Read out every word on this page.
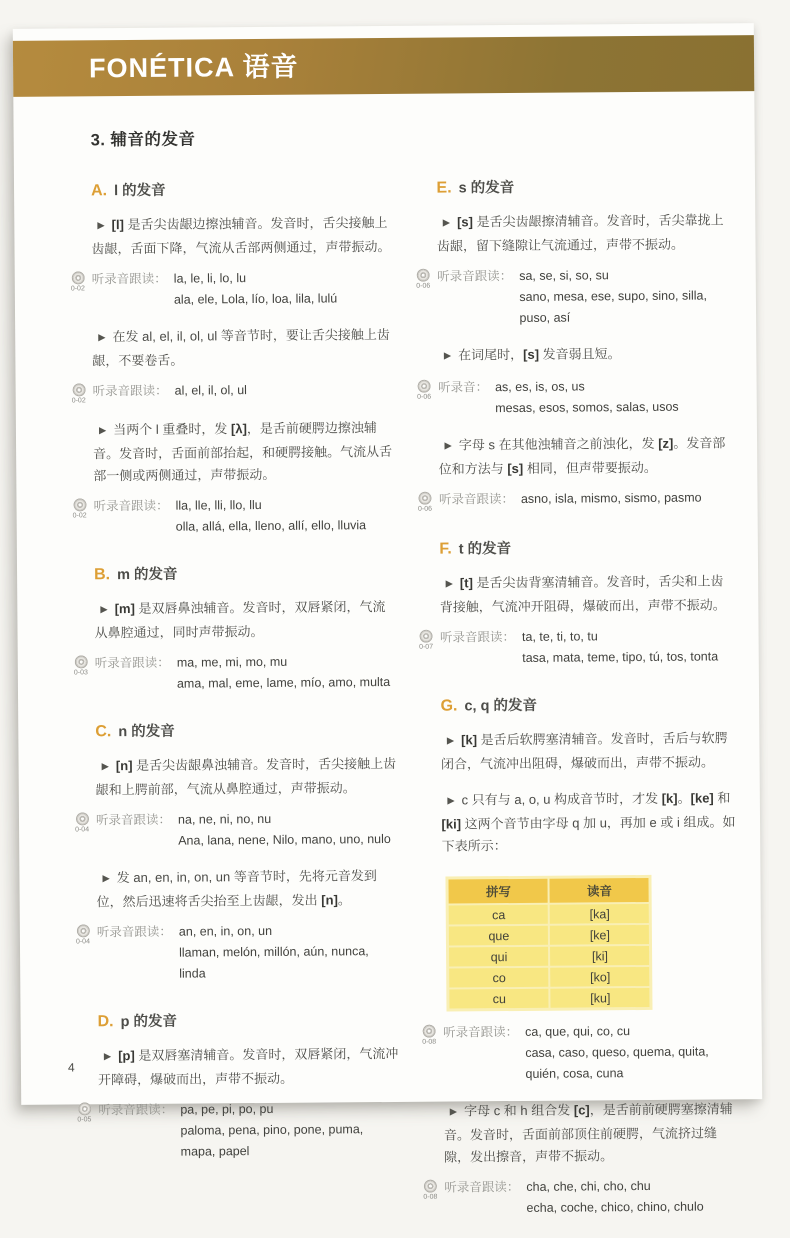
FONÉTICA 语音
3. 辅音的发音
A. l 的发音
▶ [l] 是舌尖齿龈边擦浊辅音。发音时，舌尖接触上齿龈，舌面下降，气流从舌部两侧通过，声带振动。
0-02
听录音跟读： la, le, li, lo, lu
ala, ele, Lola, lío, loa, lila, lulú
▶ 在发 al, el, il, ol, ul 等音节时，要让舌尖接触上齿龈，不要卷舌。
0-02
听录音跟读： al, el, il, ol, ul
▶ 当两个 l 重叠时，发 [λ]，是舌前硬腭边擦浊辅音。发音时，舌面前部抬起，和硬腭接触。气流从舌部一侧或两侧通过，声带振动。
0-02
听录音跟读： lla, lle, lli, llo, llu
olla, allá, ella, lleno, allí, ello, lluvia
B. m 的发音
▶ [m] 是双唇鼻浊辅音。发音时，双唇紧闭，气流从鼻腔通过，同时声带振动。
0-03
听录音跟读： ma, me, mi, mo, mu
ama, mal, eme, lame, mío, amo, multa
C. n 的发音
▶ [n] 是舌尖齿龈鼻浊辅音。发音时，舌尖接触上齿龈和上腭前部，气流从鼻腔通过，声带振动。
0-04
听录音跟读： na, ne, ni, no, nu
Ana, lana, nene, Nilo, mano, uno, nulo
▶ 发 an, en, in, on, un 等音节时，先将元音发到位，然后迅速将舌尖抬至上齿龈，发出 [n]。
0-04
听录音跟读： an, en, in, on, un
llaman, melón, millón, aún, nunca, linda
D. p 的发音
▶ [p] 是双唇塞清辅音。发音时，双唇紧闭，气流冲开障碍，爆破而出，声带不振动。
0-05
听录音跟读： pa, pe, pi, po, pu
paloma, pena, pino, pone, puma, mapa, papel
E. s 的发音
▶ [s] 是舌尖齿龈擦清辅音。发音时，舌尖靠拢上齿龈，留下缝隙让气流通过，声带不振动。
0-06
听录音跟读： sa, se, si, so, su
sano, mesa, ese, supo, sino, silla, puso, así
▶ 在词尾时，[s] 发音弱且短。
0-06
听录音： as, es, is, os, us
mesas, esos, somos, salas, usos
▶ 字母 s 在其他浊辅音之前浊化，发 [z]。发音部位和方法与 [s] 相同，但声带要振动。
0-06
听录音跟读： asno, isla, mismo, sismo, pasmo
F. t 的发音
▶ [t] 是舌尖齿背塞清辅音。发音时，舌尖和上齿背接触，气流冲开阻碍，爆破而出，声带不振动。
0-07
听录音跟读： ta, te, ti, to, tu
tasa, mata, teme, tipo, tú, tos, tonta
G. c, q 的发音
▶ [k] 是舌后软腭塞清辅音。发音时，舌后与软腭闭合，气流冲出阻碍，爆破而出，声带不振动。
▶ c 只有与 a, o, u 构成音节时，才发 [k]。[ke] 和 [ki] 这两个音节由字母 q 加 u，再加 e 或 i 组成。如下表所示：
拼写	读音
ca	[ka]
que	[ke]
qui	[ki]
co	[ko]
cu	[ku]
0-08
听录音跟读： ca, que, qui, co, cu
casa, caso, queso, quema, quita, quién, cosa, cuna
▶ 字母 c 和 h 组合发 [c]，是舌前前硬腭塞擦清辅音。发音时，舌面前部顶住前硬腭，气流挤过缝隙，发出擦音，声带不振动。
0-08
听录音跟读： cha, che, chi, cho, chu
echa, coche, chico, chino, chulo
4
